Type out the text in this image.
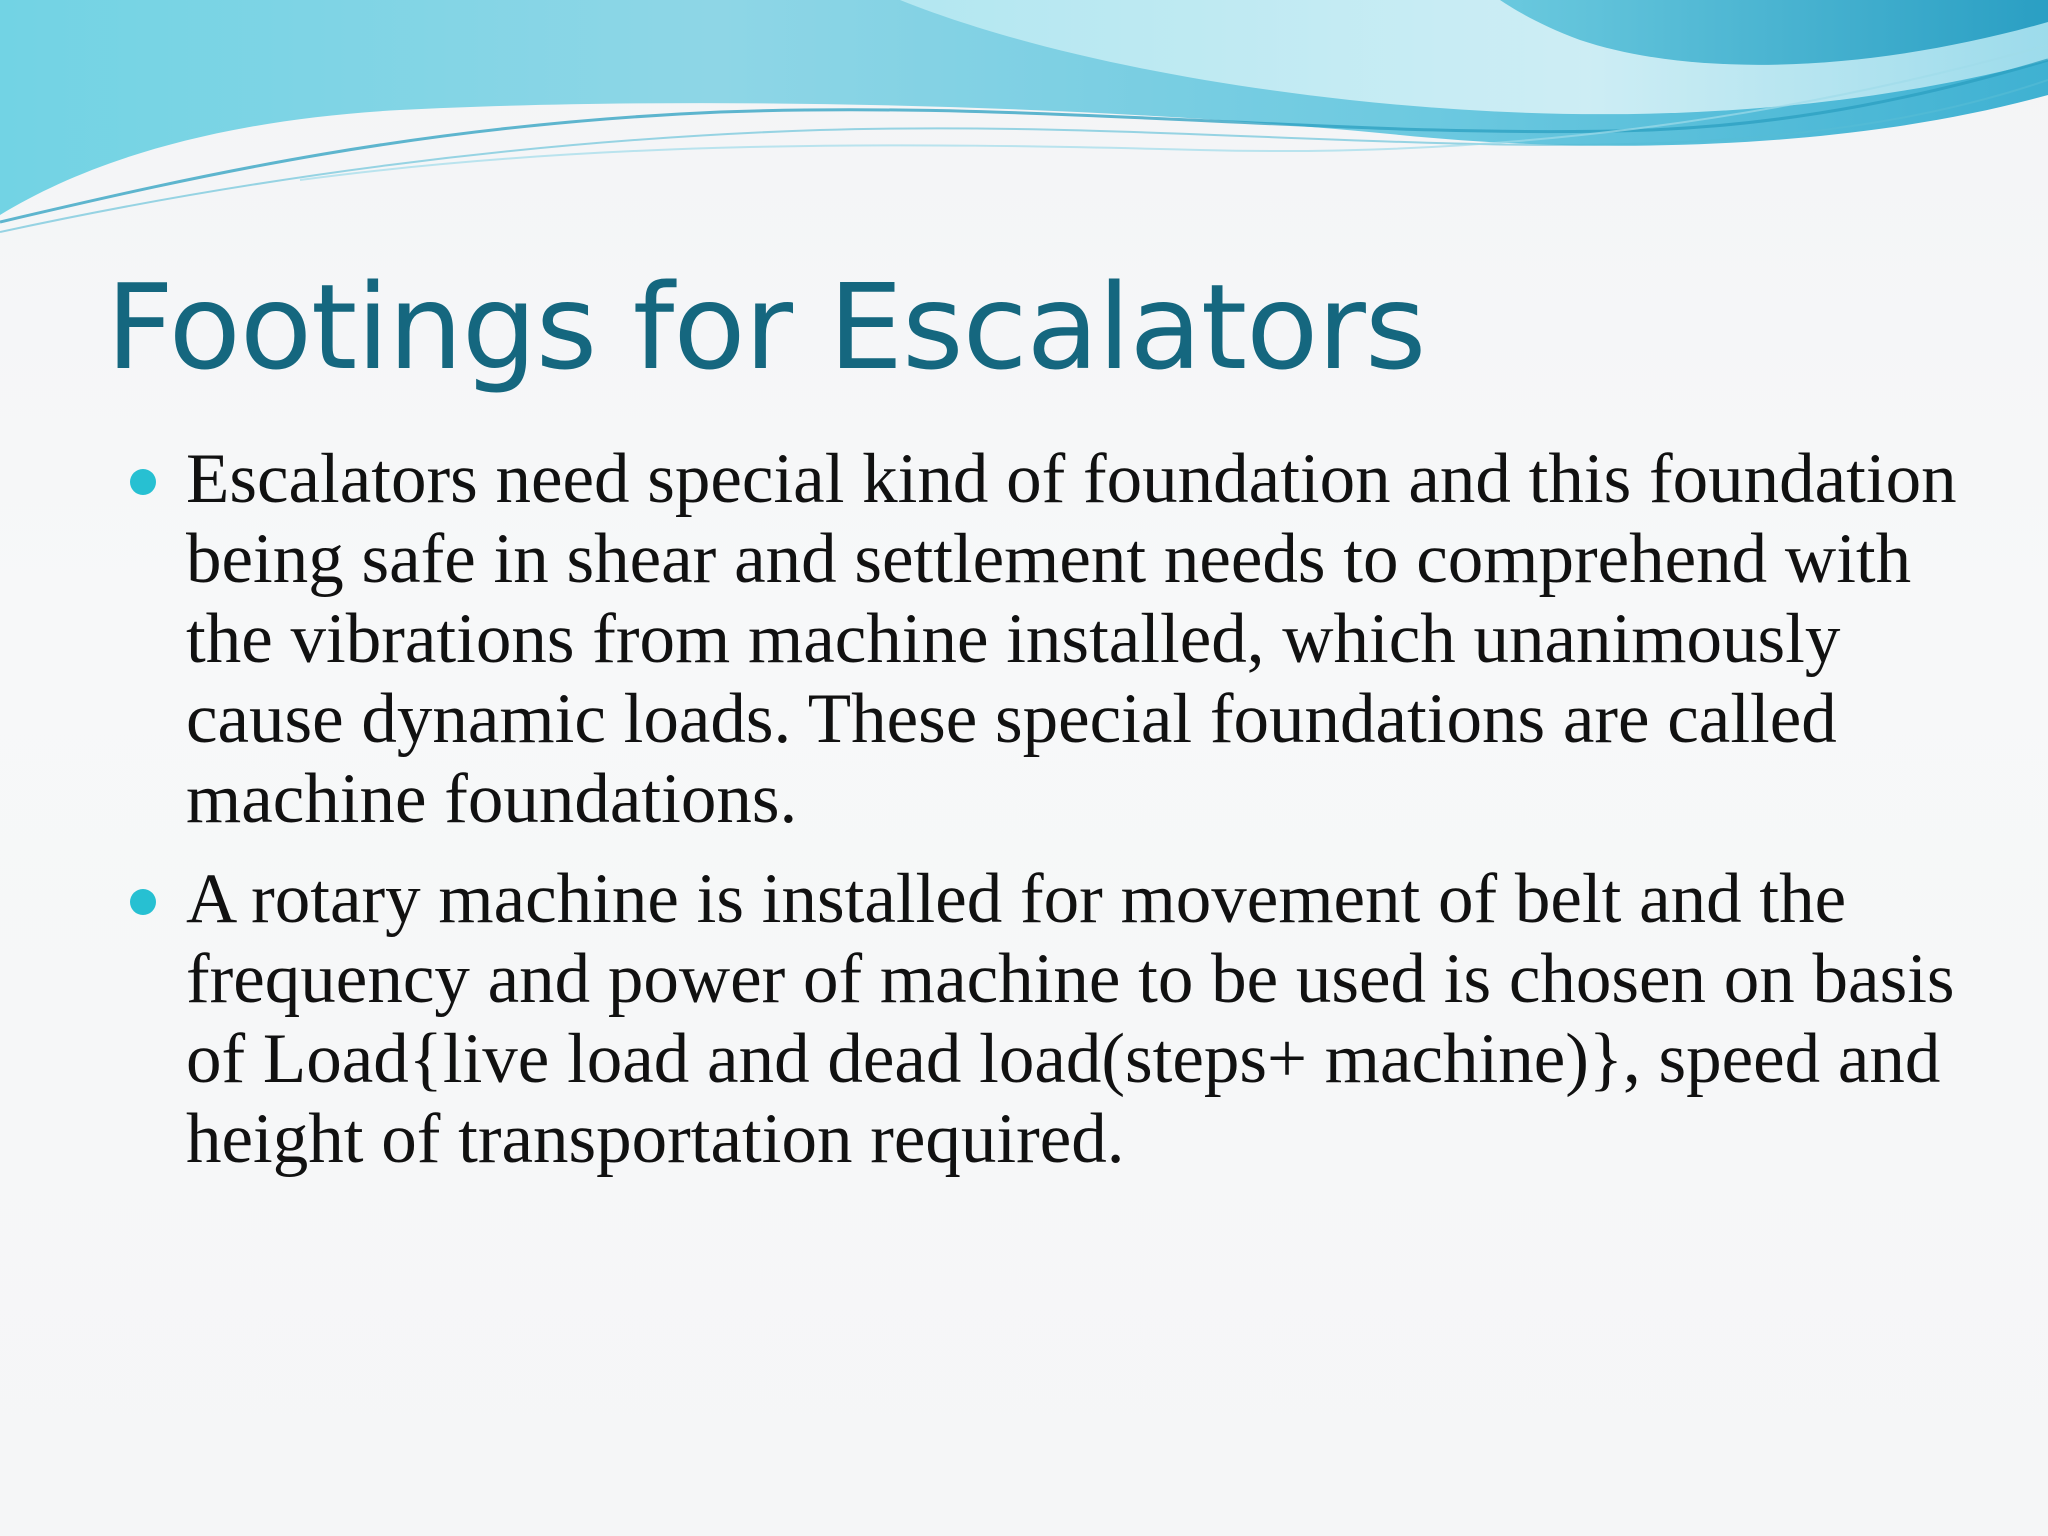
Footings for Escalators
Escalators need special kind of foundation and this foundation being safe in shear and settlement needs to comprehend with the vibrations from machine installed, which unanimously cause dynamic loads. These special foundations are called machine foundations.
A rotary machine is installed for movement of belt and the frequency and power of machine to be used is chosen on basis of Load{live load and dead load(steps+ machine)}, speed and height of transportation required.
